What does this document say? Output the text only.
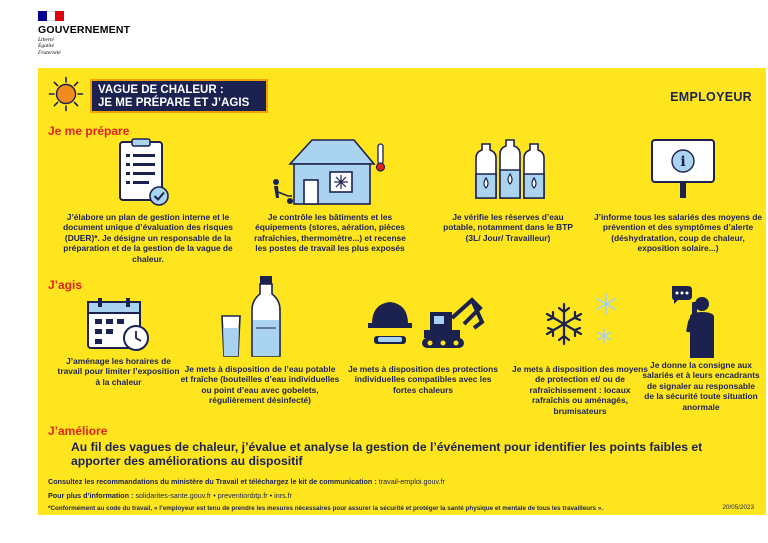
GOUVERNEMENT
Liberté
Égalité
Fraternité
VAGUE DE CHALEUR :
JE ME PRÉPARE ET J’AGIS	EMPLOYEUR
Je me prépare
J’élabore un plan de gestion interne et le document unique d’évaluation des risques (DUER)*. Je désigne un responsable de la préparation et de la gestion de la vague de chaleur.
Je contrôle les bâtiments et les équipements (stores, aération, pièces rafraîchies, thermomètre...) et recense les postes de travail les plus exposés
Je vérifie les réserves d’eau potable, notamment dans le BTP (3L/ Jour/ Travailleur)
i
J’informe tous les salariés des moyens de prévention et des symptômes d’alerte (déshydratation, coup de chaleur, exposition solaire...)
J’agis
J’aménage les horaires de travail pour limiter l’exposition à la chaleur
Je mets à disposition de l’eau potable et fraîche (bouteilles d’eau individuelles ou point d’eau avec gobelets, régulièrement désinfecté)
Je mets à disposition des protections individuelles compatibles avec les fortes chaleurs
Je mets à disposition des moyens de protection et/ ou de rafraîchissement : locaux rafraîchis ou aménagés, brumisateurs
Je donne la consigne aux salariés et à leurs encadrants de signaler au responsable de la sécurité toute situation anormale
J’améliore
Au fil des vagues de chaleur, j’évalue et analyse la gestion de l’événement pour identifier les points faibles et apporter des améliorations au dispositif
Consultez les recommandations du ministère du Travail et téléchargez le kit de communication : travail-emploi.gouv.fr
Pour plus d’information : solidarites-sante.gouv.fr • preventionbtp.fr • inrs.fr
*Conformément au code du travail, « l’employeur est tenu de prendre les mesures nécessaires pour assurer la sécurité et protéger la santé physique et mentale de tous les travailleurs ».	20/05/2023
